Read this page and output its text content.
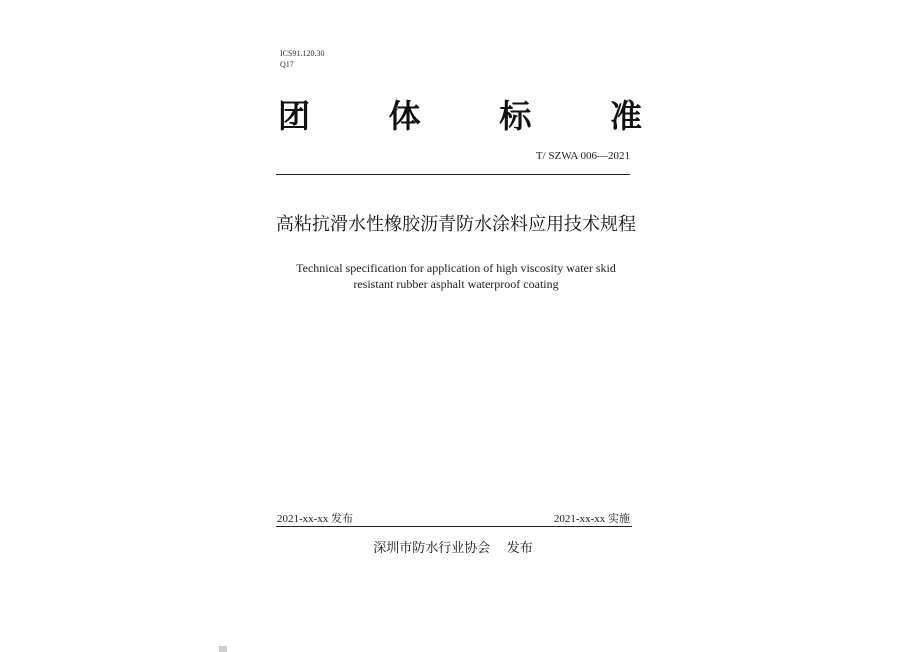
ICS91.120.30
Q17
团 体 标 准
T/ SZWA 006—2021
高粘抗滑水性橡胶沥青防水涂料应用技术规程
Technical specification for application of high viscosity water skid
resistant rubber asphalt waterproof coating
2021-xx-xx 发布	2021-xx-xx 实施
深圳市防水行业协会 发布
